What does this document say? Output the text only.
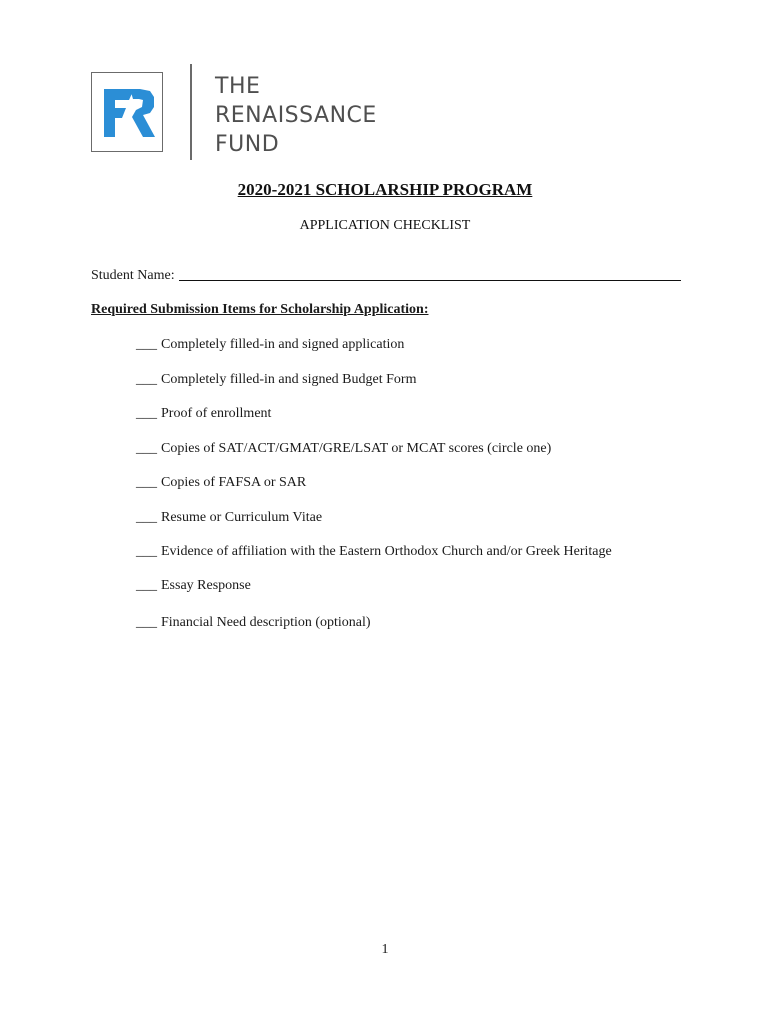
THE
RENAISSANCE
FUND
2020-2021 SCHOLARSHIP PROGRAM
APPLICATION CHECKLIST
Student Name:
Required Submission Items for Scholarship Application:
___ Completely filled-in and signed application
___ Completely filled-in and signed Budget Form
___ Proof of enrollment
___ Copies of SAT/ACT/GMAT/GRE/LSAT or MCAT scores (circle one)
___ Copies of FAFSA or SAR
___ Resume or Curriculum Vitae
___ Evidence of affiliation with the Eastern Orthodox Church and/or Greek Heritage
___ Essay Response
___ Financial Need description (optional)
1
